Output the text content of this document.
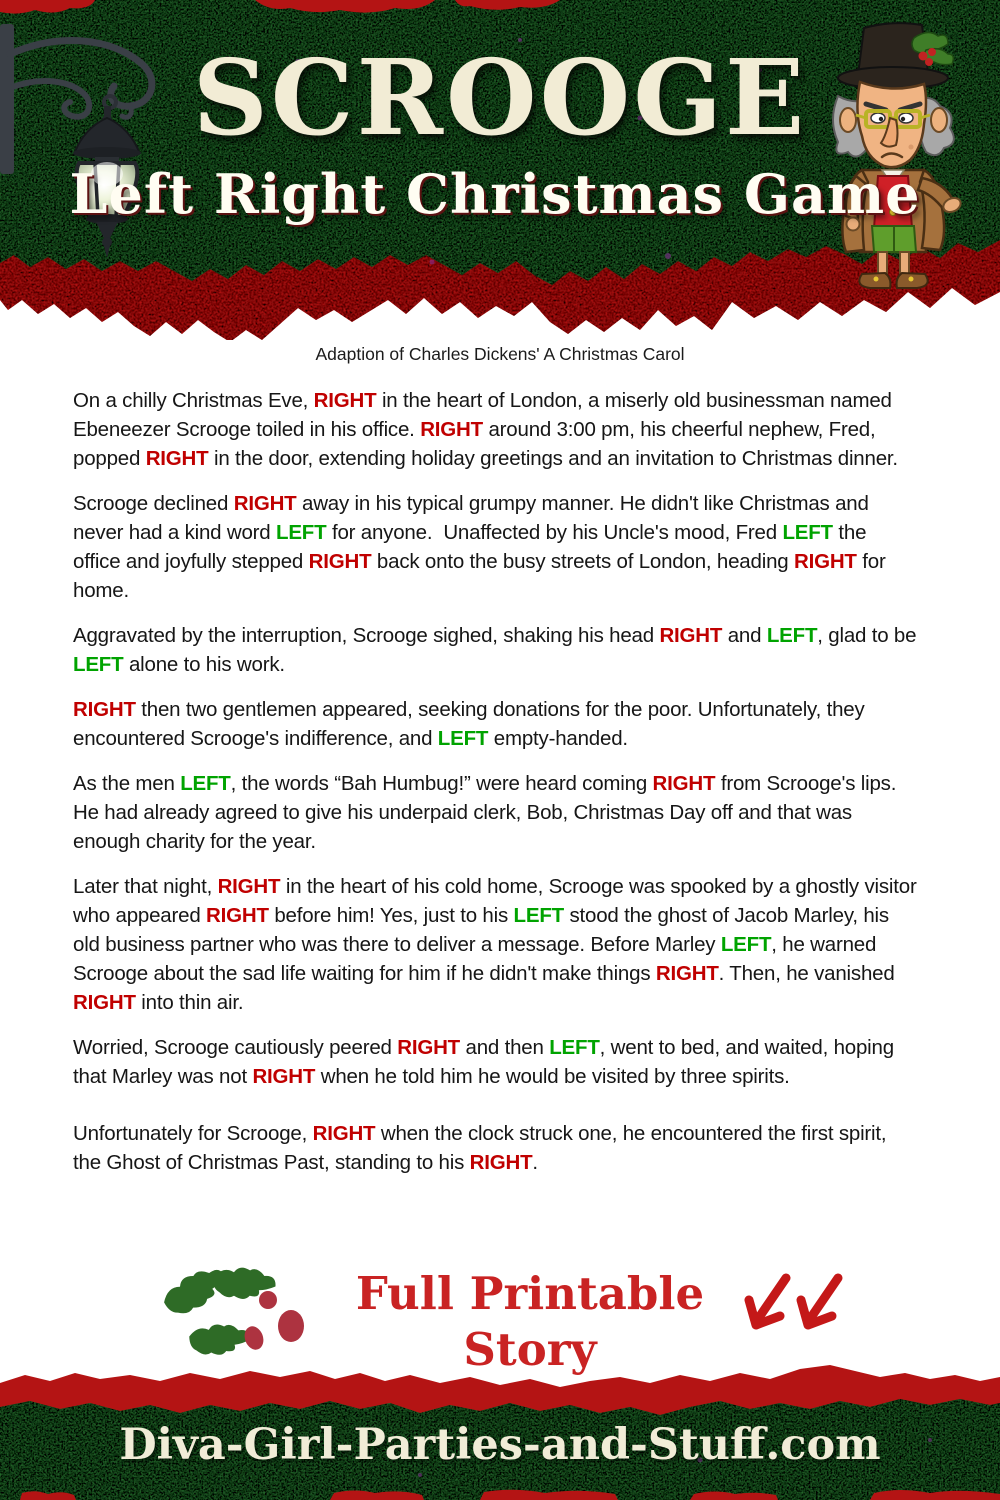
SCROOGE
Left Right Christmas Game
Adaption of Charles Dickens' A Christmas Carol

On a chilly Christmas Eve, RIGHT in the heart of London, a miserly old businessman named Ebeneezer Scrooge toiled in his office. RIGHT around 3:00 pm, his cheerful nephew, Fred, popped RIGHT in the door, extending holiday greetings and an invitation to Christmas dinner.

Scrooge declined RIGHT away in his typical grumpy manner. He didn't like Christmas and never had a kind word LEFT for anyone.  Unaffected by his Uncle's mood, Fred LEFT the office and joyfully stepped RIGHT back onto the busy streets of London, heading RIGHT for home.

Aggravated by the interruption, Scrooge sighed, shaking his head RIGHT and LEFT, glad to be LEFT alone to his work.

RIGHT then two gentlemen appeared, seeking donations for the poor. Unfortunately, they encountered Scrooge's indifference, and LEFT empty-handed.

As the men LEFT, the words “Bah Humbug!” were heard coming RIGHT from Scrooge's lips. He had already agreed to give his underpaid clerk, Bob, Christmas Day off and that was enough charity for the year.

Later that night, RIGHT in the heart of his cold home, Scrooge was spooked by a ghostly visitor who appeared RIGHT before him! Yes, just to his LEFT stood the ghost of Jacob Marley, his old business partner who was there to deliver a message. Before Marley LEFT, he warned Scrooge about the sad life waiting for him if he didn't make things RIGHT. Then, he vanished RIGHT into thin air.

Worried, Scrooge cautiously peered RIGHT and then LEFT, went to bed, and waited, hoping that Marley was not RIGHT when he told him he would be visited by three spirits.

Unfortunately for Scrooge, RIGHT when the clock struck one, he encountered the first spirit, the Ghost of Christmas Past, standing to his RIGHT.

Full Printable Story
Diva-Girl-Parties-and-Stuff.com
